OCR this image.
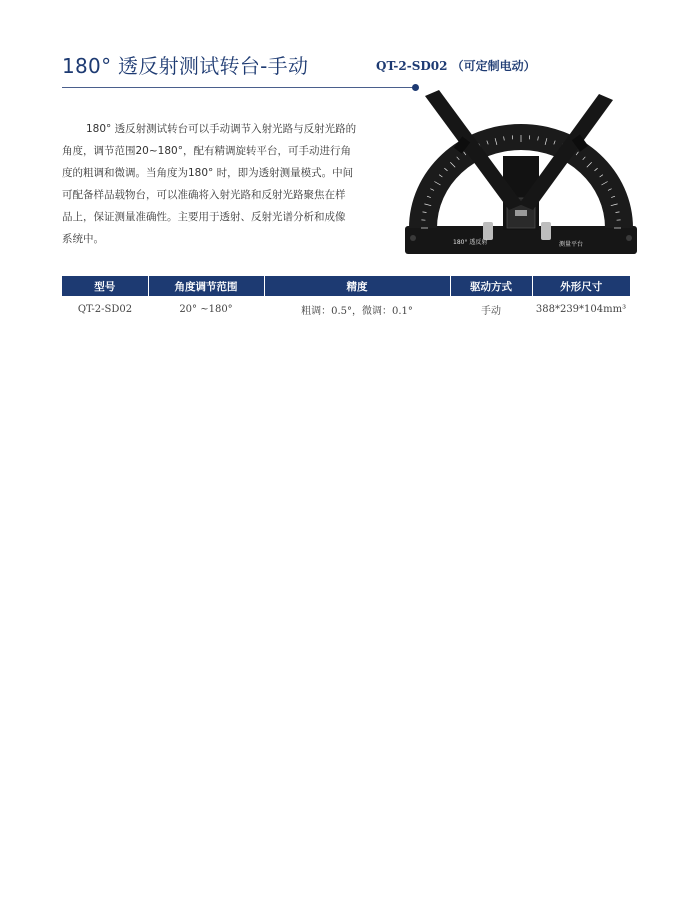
180° 透反射测试转台-手动	QT-2-SD02 （可定制电动）
180° 透反射测试转台可以手动调节入射光路与反射光路的
角度，调节范围20~180°，配有精调旋转平台，可手动进行角
度的粗调和微调。当角度为180° 时，即为透射测量模式。中间
可配备样品载物台，可以准确将入射光路和反射光路聚焦在样
品上，保证测量准确性。主要用于透射、反射光谱分析和成像
系统中。	180° 透反射	测量平台
型号	角度调节范围	精度	驱动方式	外形尺寸
QT-2-SD02	20° ~180°	粗调：0.5°，微调：0.1°	手动	388*239*104mm³
